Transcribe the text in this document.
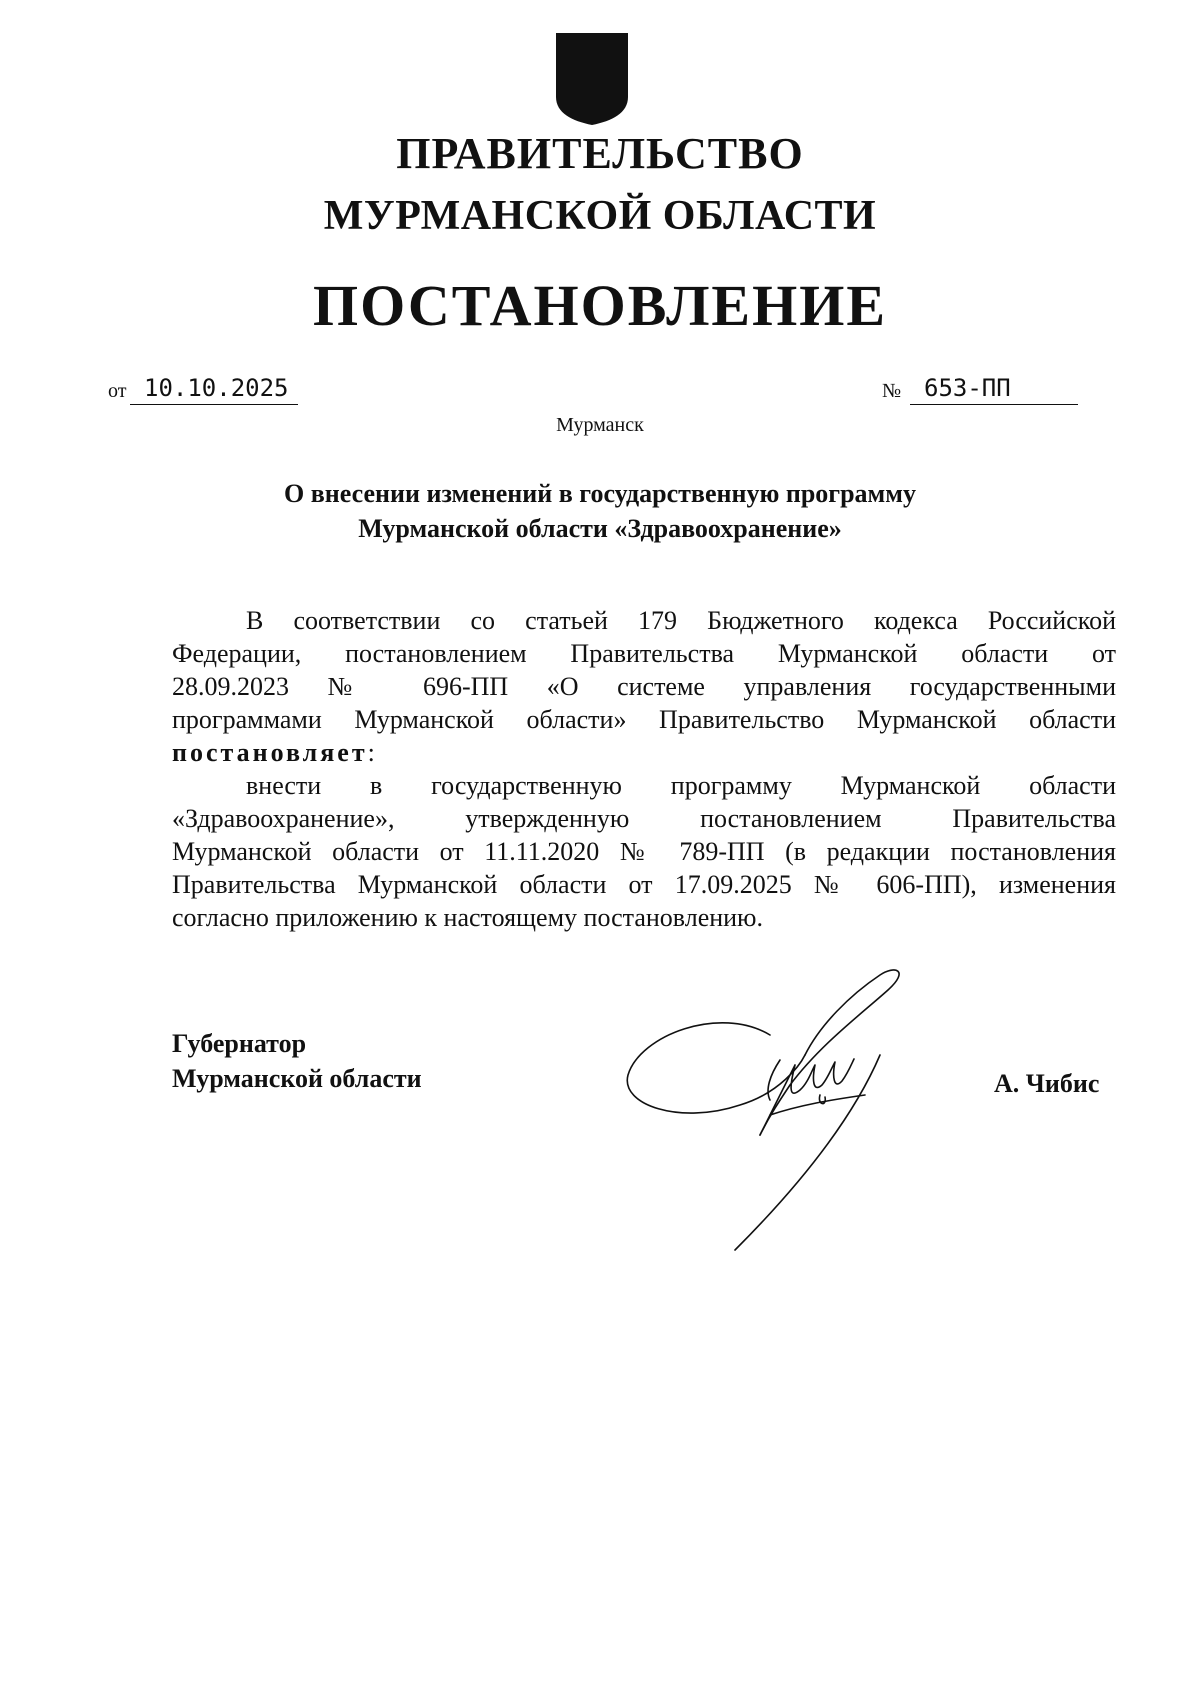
ПРАВИТЕЛЬСТВО
МУРМАНСКОЙ ОБЛАСТИ
ПОСТАНОВЛЕНИЕ
от 10.10.2025	№ 653-ПП
Мурманск
О внесении изменений в государственную программу
Мурманской области «Здравоохранение»
В соответствии со статьей 179 Бюджетного кодекса Российской
Федерации, постановлением Правительства Мурманской области от
28.09.2023 № 696-ПП «О системе управления государственными
программами Мурманской области» Правительство Мурманской области
постановляет:
внести в государственную программу Мурманской области
«Здравоохранение», утвержденную постановлением Правительства
Мурманской области от 11.11.2020 № 789-ПП (в редакции постановления
Правительства Мурманской области от 17.09.2025 № 606-ПП), изменения
согласно приложению к настоящему постановлению.
Губернатор
Мурманской области	А. Чибис
